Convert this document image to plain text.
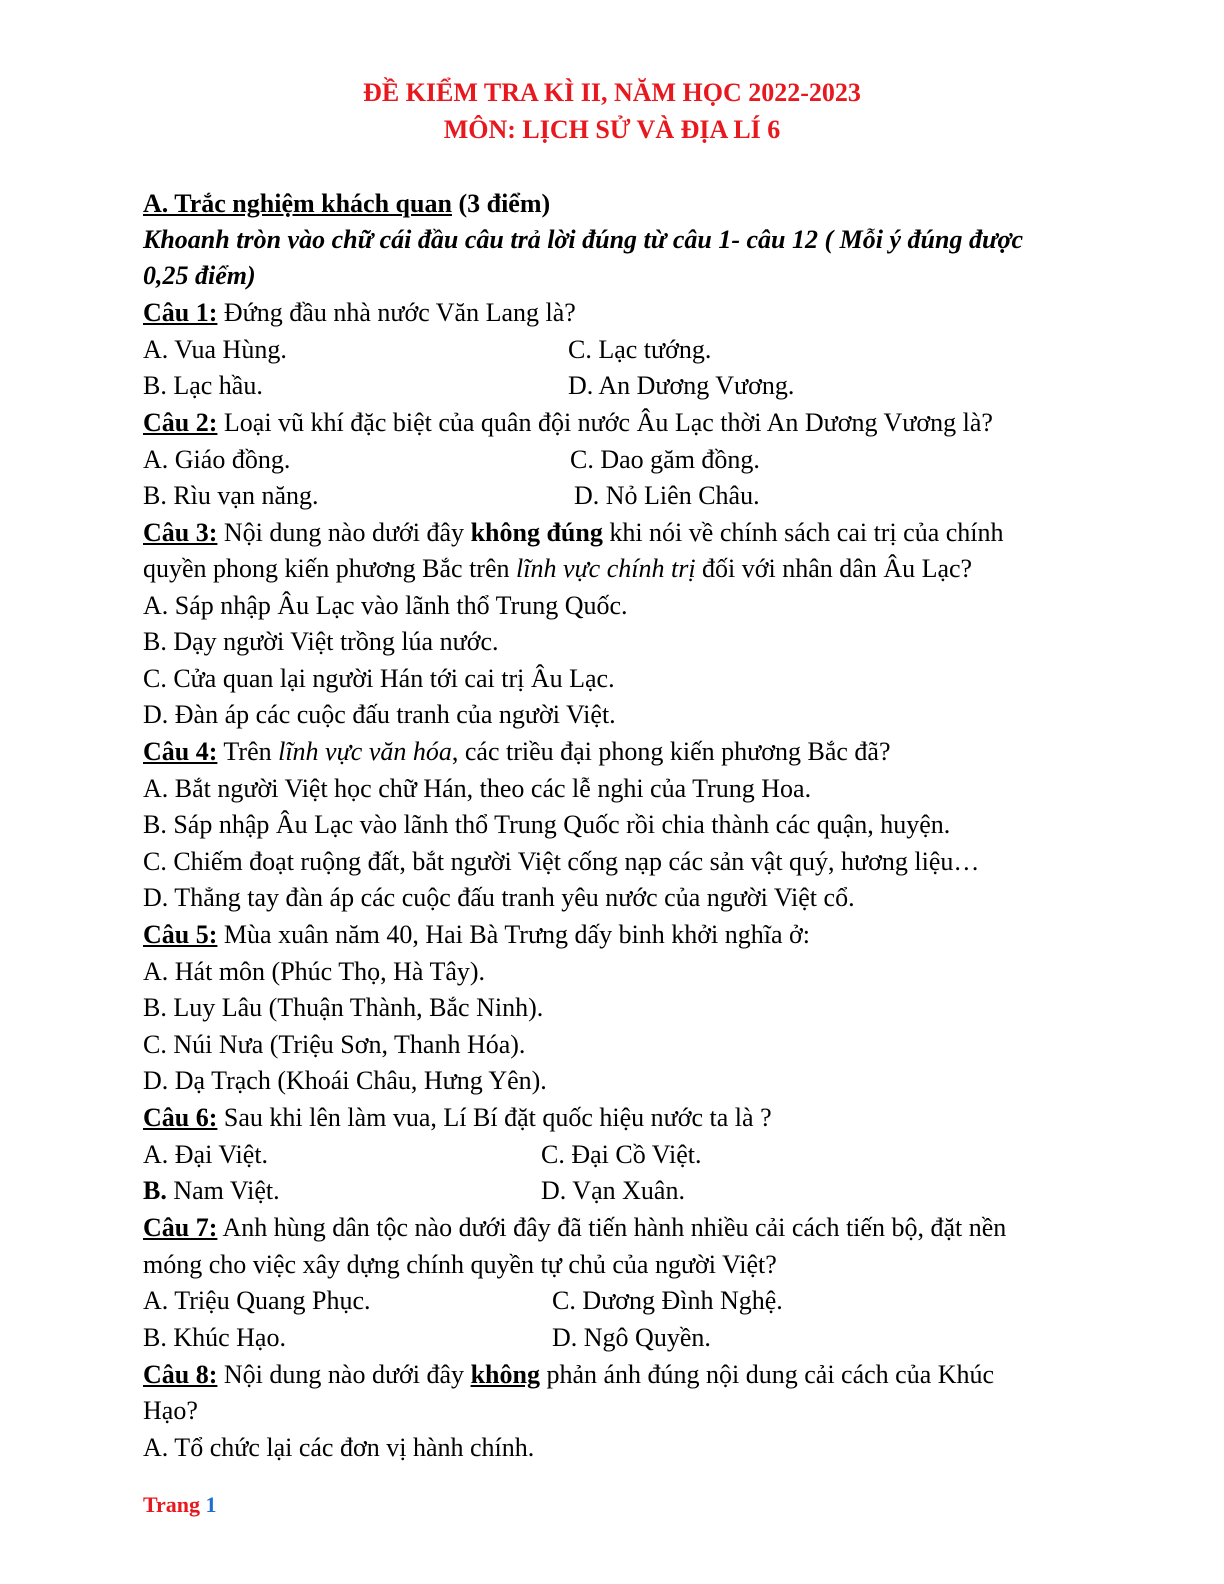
ĐỀ KIỂM TRA KÌ II, NĂM HỌC 2022-2023
MÔN: LỊCH SỬ VÀ ĐỊA LÍ 6
A. Trắc nghiệm khách quan (3 điểm)
Khoanh tròn vào chữ cái đầu câu trả lời đúng từ câu 1- câu 12 ( Mỗi ý đúng được
0,25 điểm)
Câu 1: Đứng đầu nhà nước Văn Lang là?
A. Vua Hùng.	C. Lạc tướng.
B. Lạc hầu.	D. An Dương Vương.
Câu 2: Loại vũ khí đặc biệt của quân đội nước Âu Lạc thời An Dương Vương là?
A. Giáo đồng.	C. Dao găm đồng.
B. Rìu vạn năng.	D. Nỏ Liên Châu.
Câu 3: Nội dung nào dưới đây không đúng khi nói về chính sách cai trị của chính
quyền phong kiến phương Bắc trên lĩnh vực chính trị đối với nhân dân Âu Lạc?
A. Sáp nhập Âu Lạc vào lãnh thổ Trung Quốc.
B. Dạy người Việt trồng lúa nước.
C. Cửa quan lại người Hán tới cai trị Âu Lạc.
D. Đàn áp các cuộc đấu tranh của người Việt.
Câu 4: Trên lĩnh vực văn hóa, các triều đại phong kiến phương Bắc đã?
A. Bắt người Việt học chữ Hán, theo các lễ nghi của Trung Hoa.
B. Sáp nhập Âu Lạc vào lãnh thổ Trung Quốc rồi chia thành các quận, huyện.
C. Chiếm đoạt ruộng đất, bắt người Việt cống nạp các sản vật quý, hương liệu…
D. Thẳng tay đàn áp các cuộc đấu tranh yêu nước của người Việt cổ.
Câu 5: Mùa xuân năm 40, Hai Bà Trưng dấy binh khởi nghĩa ở:
A. Hát môn (Phúc Thọ, Hà Tây).
B. Luy Lâu (Thuận Thành, Bắc Ninh).
C. Núi Nưa (Triệu Sơn, Thanh Hóa).
D. Dạ Trạch (Khoái Châu, Hưng Yên).
Câu 6: Sau khi lên làm vua, Lí Bí đặt quốc hiệu nước ta là ?
A. Đại Việt.	C. Đại Cồ Việt.
B. Nam Việt.	D. Vạn Xuân.
Câu 7: Anh hùng dân tộc nào dưới đây đã tiến hành nhiều cải cách tiến bộ, đặt nền
móng cho việc xây dựng chính quyền tự chủ của người Việt?
A. Triệu Quang Phục.	C. Dương Đình Nghệ.
B. Khúc Hạo.	D. Ngô Quyền.
Câu 8: Nội dung nào dưới đây không phản ánh đúng nội dung cải cách của Khúc
Hạo?
A. Tổ chức lại các đơn vị hành chính.
Trang 1
